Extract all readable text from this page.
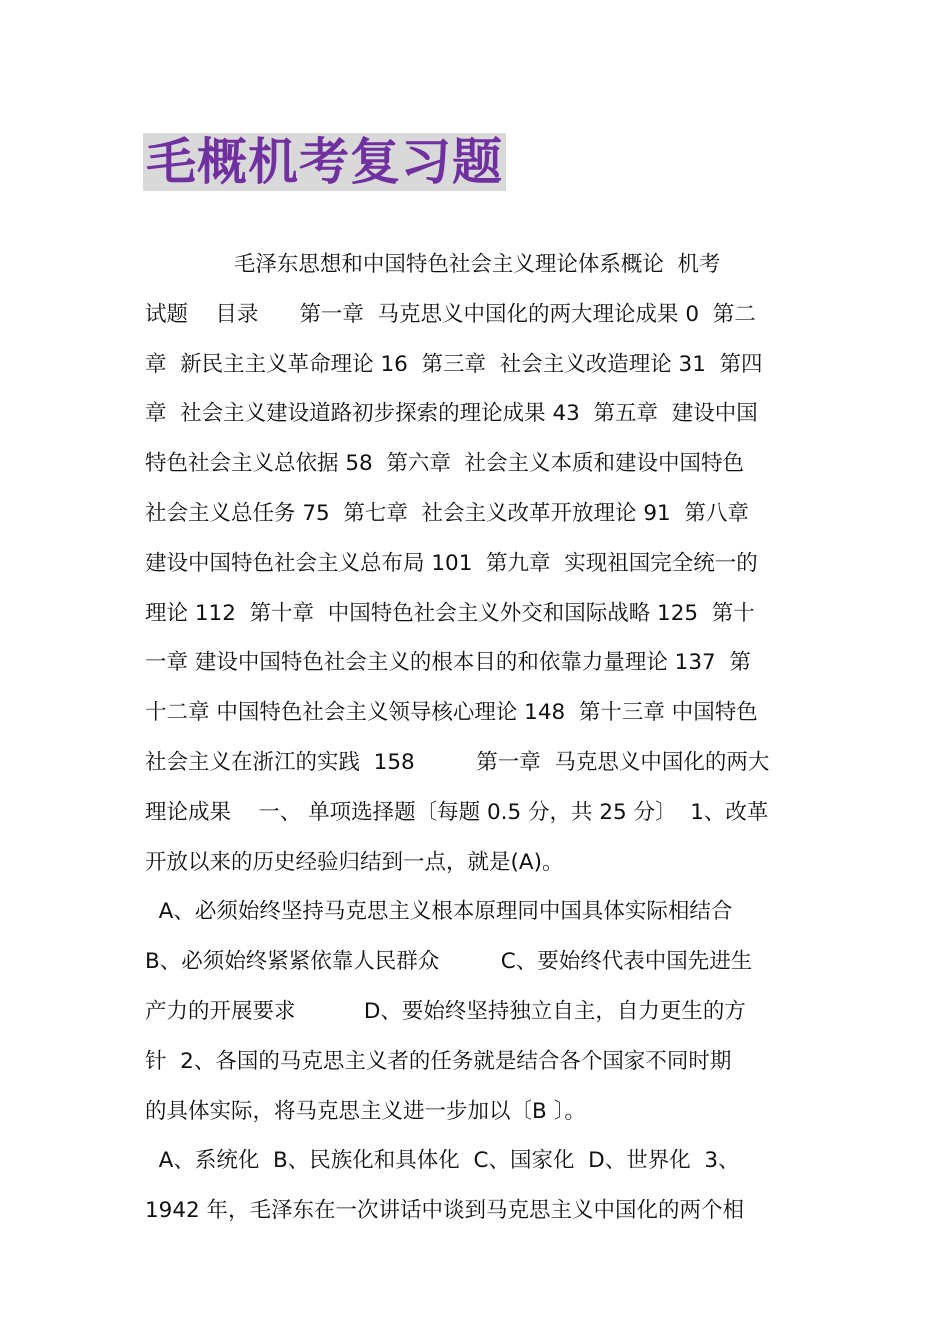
毛概机考复习题
毛泽东思想和中国特色社会主义理论体系概论  机考
试题    目录      第一章  马克思义中国化的两大理论成果 0  第二
章  新民主主义革命理论 16  第三章  社会主义改造理论 31  第四
章  社会主义建设道路初步探索的理论成果 43  第五章  建设中国
特色社会主义总依据 58  第六章  社会主义本质和建设中国特色
社会主义总任务 75  第七章  社会主义改革开放理论 91  第八章
建设中国特色社会主义总布局 101  第九章  实现祖国完全统一的
理论 112  第十章  中国特色社会主义外交和国际战略 125  第十
一章 建设中国特色社会主义的根本目的和依靠力量理论 137  第
十二章 中国特色社会主义领导核心理论 148  第十三章 中国特色
社会主义在浙江的实践  158         第一章  马克思义中国化的两大
理论成果    一、 单项选择题〔每题 0.5 分，共 25 分〕  1、改革
开放以来的历史经验归结到一点，就是(A)。
A、必须始终坚持马克思主义根本原理同中国具体实际相结合
B、必须始终紧紧依靠人民群众         C、要始终代表中国先进生
产力的开展要求          D、要始终坚持独立自主，自力更生的方
针  2、各国的马克思主义者的任务就是结合各个国家不同时期
的具体实际，将马克思主义进一步加以〔B 〕。
A、系统化  B、民族化和具体化  C、国家化  D、世界化  3、
1942 年，毛泽东在一次讲话中谈到马克思主义中国化的两个相
